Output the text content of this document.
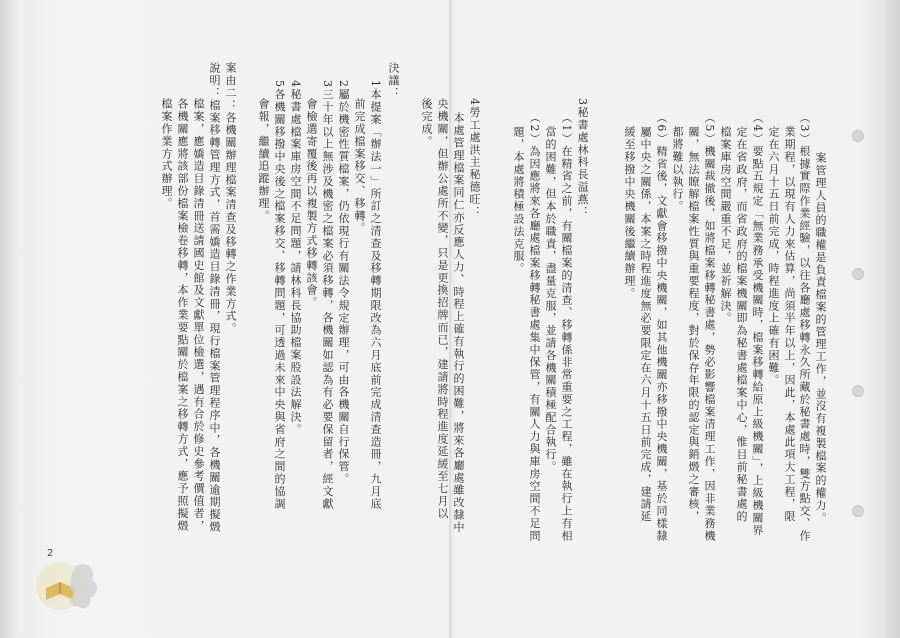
案管理人員的職權是負責檔案的管理工作，並沒有複製檔案的權力。
（3）根據實際作業經驗，以往各廳處移轉永久所藏於秘書處時，雙方點交、作
業期程，以現有人力來估算，尚須半年以上，因此，本處此項大工程，限
定在六月十五日前完成，時程進度上確有困難。
（4）要點五規定「無業務承受機關時，檔案移轉給原上級機關」，上級機關界
定在省政府，而省政府的檔案機關即為秘書處檔案中心，惟目前秘書處的
檔案庫房空間嚴重不足，並祈解決。
（5）機關裁撤後，如將檔案移轉秘書處，勢必影響檔案清理工作，因非業務機
關，無法瞭解檔案性質與重要程度，對於保存年限的認定與銷燬之審核，
都將難以執行。
（6）精省後，文獻會移撥中央機關，如其他機關亦移撥中央機關，基於同樣隸
屬中央之關係，本案之時程進度無必要限定在六月十五日前完成，建請延
緩至移撥中央機關後繼續辦理。
3秘書處林科長溢燕：
（1）在精省之前，有關檔案的清查、移轉係非常重要之工程，雖在執行上有相
當的困難，但本於職責，盡量克服，並請各機關積極配合執行。
（2）為因應將來各廳處檔案移轉秘書處集中保管，有關人力與庫房空間不足問
題，本處將積極設法克服。
4勞工處洪主秘德旺：
本處管理檔案同仁亦反應人力、時程上確有執行的困難，將來各廳處雖改隸中
央機關，但辦公處所不變，只是更換招牌而已，建請將時程進度延緩至七月以
後完成。
決議：
1本提案「辦法一」所訂之清查及移轉期限改為六月底前完成清查造冊，九月底
前完成檔案移交、移轉。
2屬於機密性質檔案，仍依現行有關法令規定辦理，可由各機關自行保管。
3三十年以上無涉及機密之檔案必須移轉，各機關如認為有必要保留者，經文獻
會檢選寄覆後再以複製方式移轉該會。
4秘書處檔案庫房空間不足問題，請林科長協助檔案股設法解決。
5各機關移撥中央後之檔案移交、移轉問題，可透過未來中央與省府之間的協調
會報，繼續追蹤辦理。
案由二：各機關辦理檔案清查及移轉之作業方式。
說明：檔案移轉管理方式，首需嬌造目錄清冊，現行檔案管理程序中，各機關逾期擬燬
檔案，應嬌造目錄清冊送請國史館及文獻單位檢選，遇有合於修史參考價值者，
各機關應將該部份檔案檢卷移轉，本作業要點關於檔案之移轉方式，應予照擬燬
檔案作業方式辦理。
2
